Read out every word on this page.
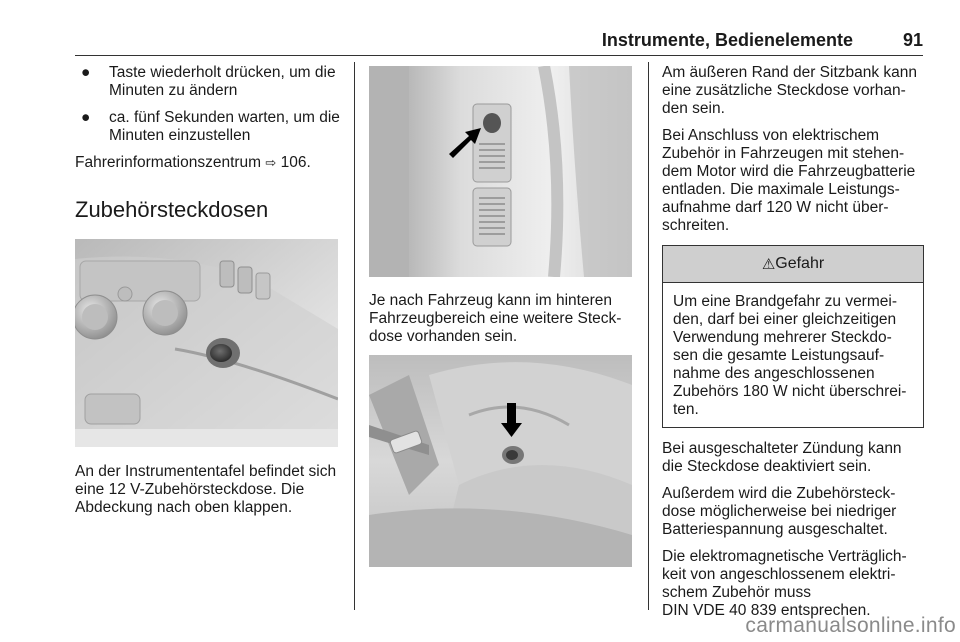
Instrumente, Bedienelemente	91
● Taste wiederholt drücken, um die Minuten zu ändern
● ca. fünf Sekunden warten, um die Minuten einzustellen

Fahrerinformationszentrum ⇨ 106.

Zubehörsteckdosen

An der Instrumententafel befindet sich eine 12 V-Zubehörsteckdose. Die Abdeckung nach oben klappen.

Je nach Fahrzeug kann im hinteren Fahrzeugbereich eine weitere Steck-dose vorhanden sein.

Am äußeren Rand der Sitzbank kann eine zusätzliche Steckdose vorhan-den sein.

Bei Anschluss von elektrischem Zubehör in Fahrzeugen mit stehen-dem Motor wird die Fahrzeugbatterie entladen. Die maximale Leistungs-aufnahme darf 120 W nicht über-schreiten.

⚠ Gefahr
Um eine Brandgefahr zu vermei-den, darf bei einer gleichzeitigen Verwendung mehrerer Steckdo-sen die gesamte Leistungsauf-nahme des angeschlossenen Zubehörs 180 W nicht überschrei-ten.

Bei ausgeschalteter Zündung kann die Steckdose deaktiviert sein.

Außerdem wird die Zubehörsteck-dose möglicherweise bei niedriger Batteriespannung ausgeschaltet.

Die elektromagnetische Verträglich-keit von angeschlossenem elektri-schem Zubehör muss

DIN VDE 40 839 entsprechen.

carmanualsonline.info
